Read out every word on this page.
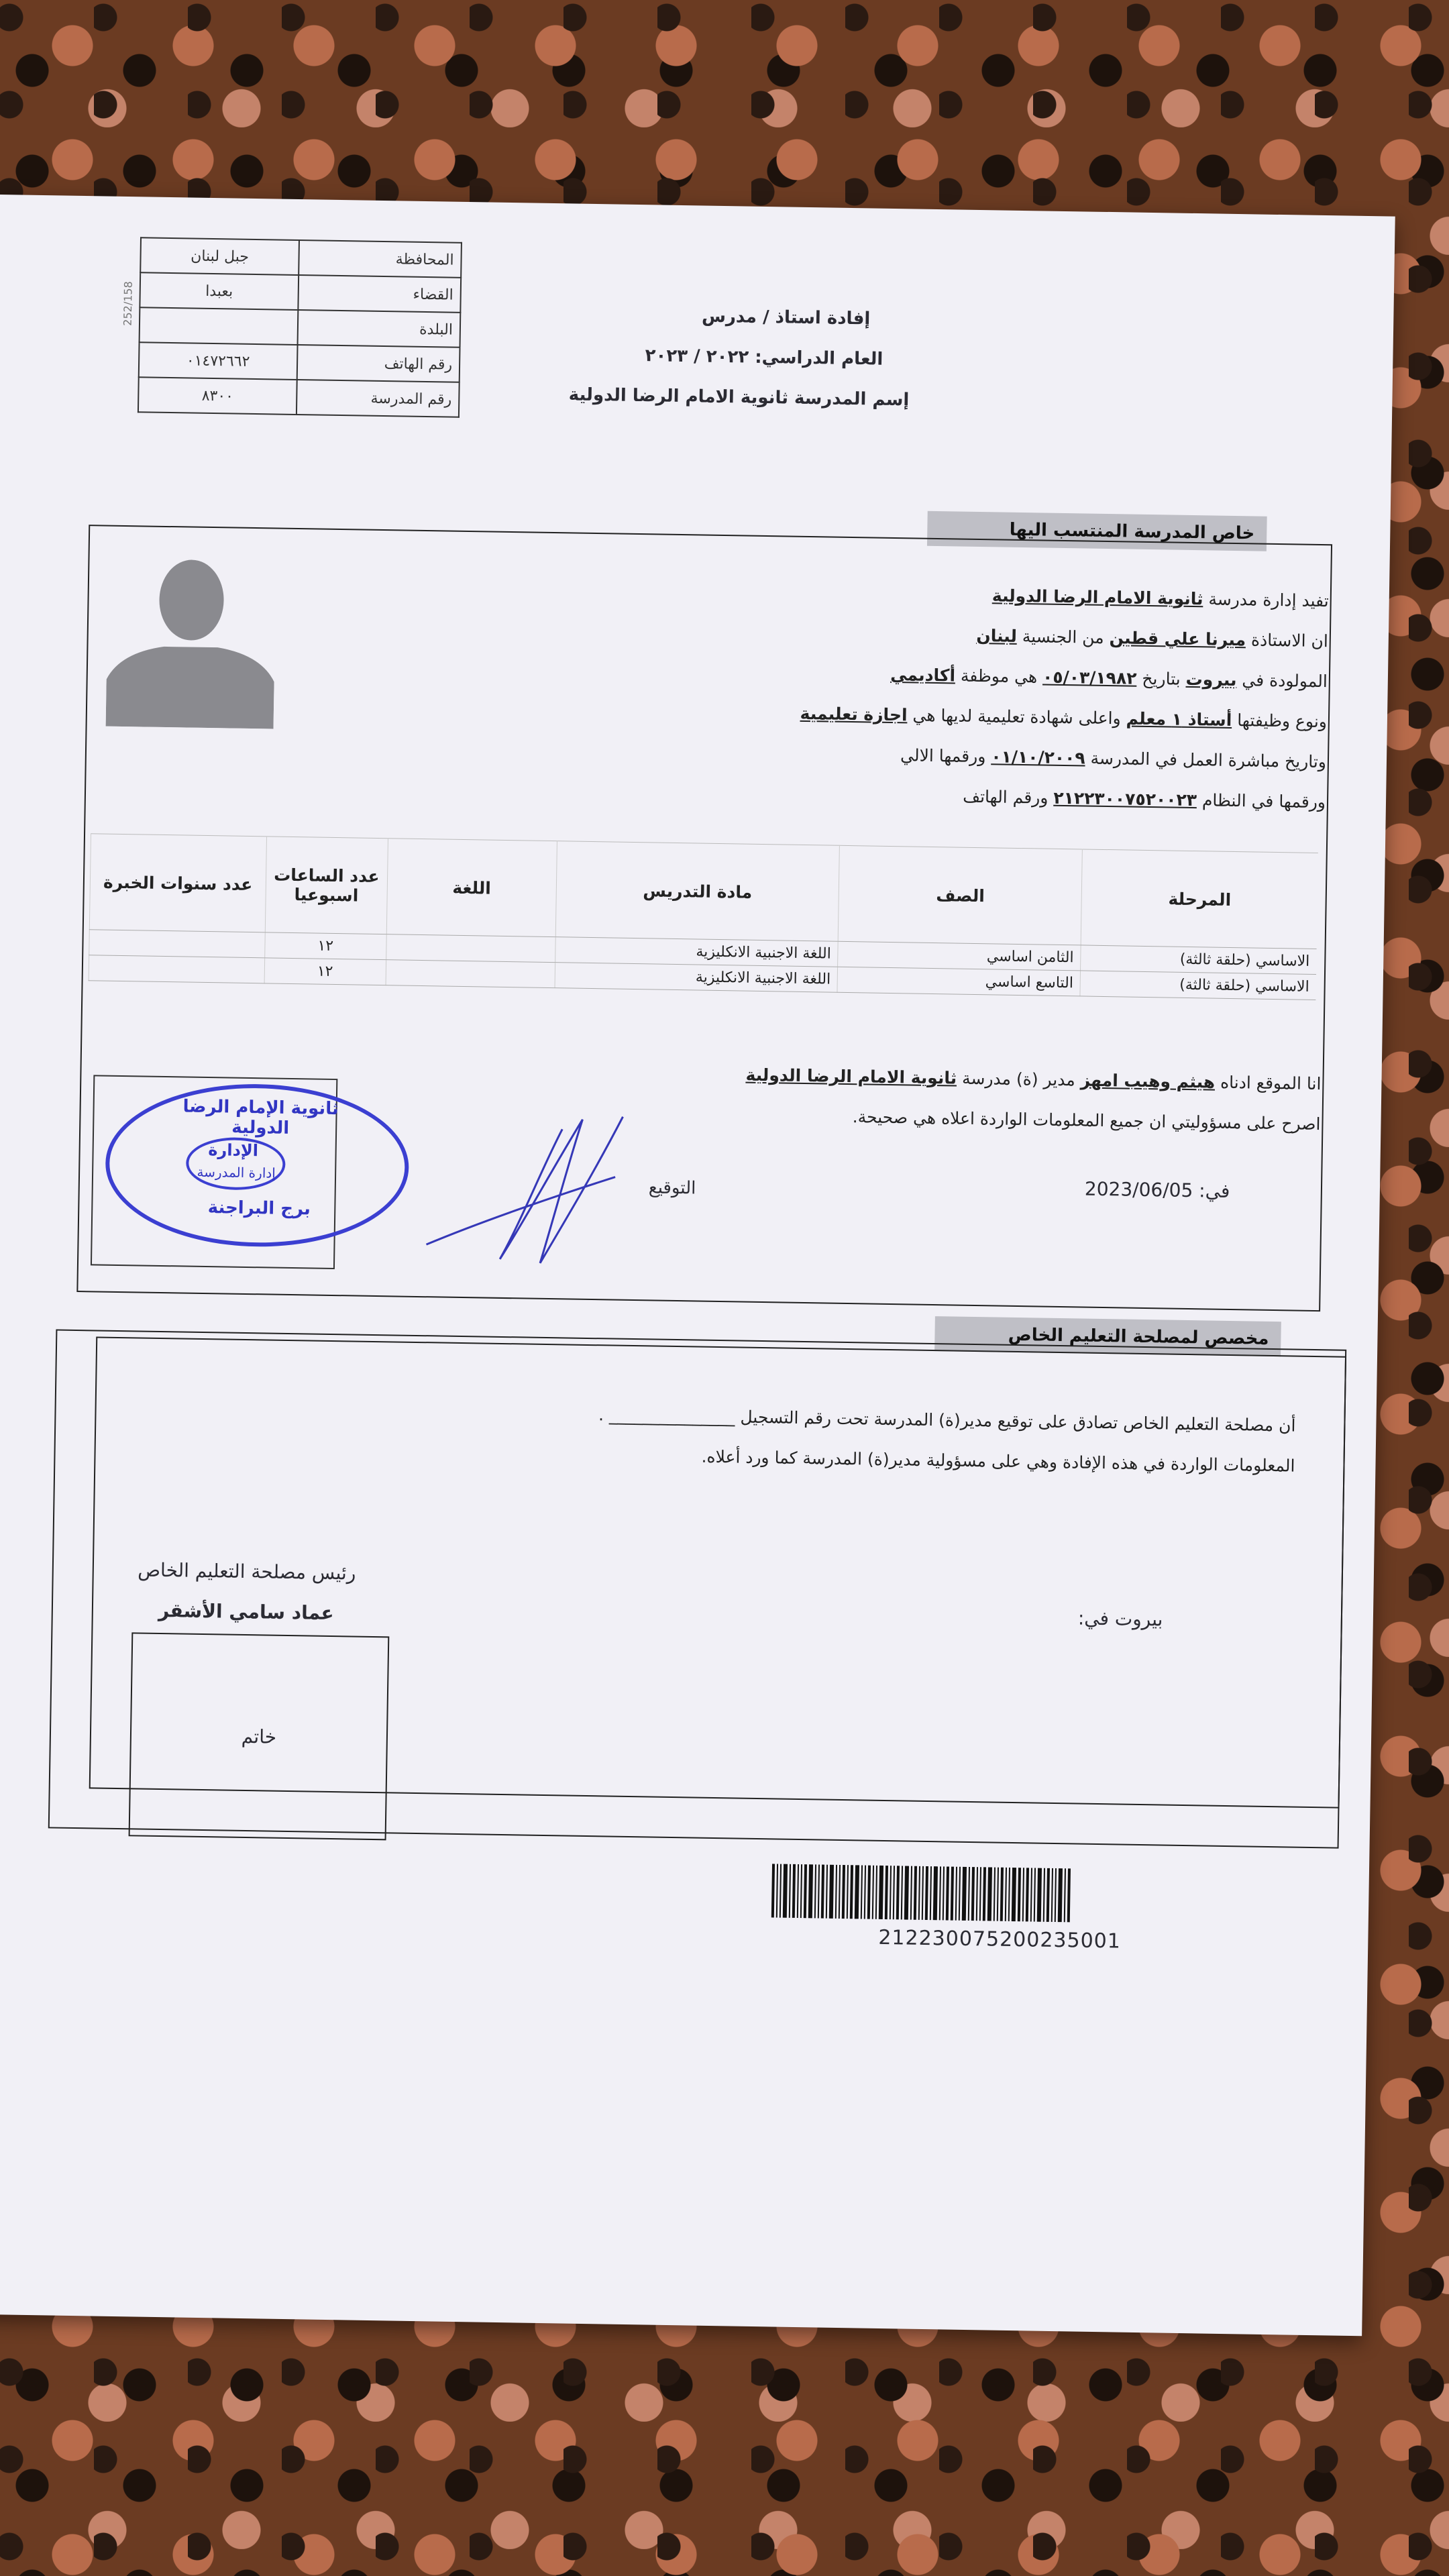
252/158
المحافظة	جبل لبنان
القضاء	بعبدا
البلدة	
رقم الهاتف	٠١٤٧٢٦٦٢
رقم المدرسة	٨٣٠٠
إفادة استاذ / مدرس
العام الدراسي: ٢٠٢٢ / ٢٠٢٣
إسم المدرسة ثانوية الامام الرضا الدولية
خاص المدرسة المنتسب اليها
تفيد إدارة مدرسة ثانوية الامام الرضا الدولية
ان الاستاذة ميرنا علي قطين من الجنسية لبنان
المولودة في بيروت بتاريخ ٠٥/٠٣/١٩٨٢ هي موظفة أكاديمي
ونوع وظيفتها أستاذ ١ معلم واعلى شهادة تعليمية لديها هي اجازة تعليمية
وتاريخ مباشرة العمل في المدرسة ٠١/١٠/٢٠٠٩ ورقمها الالي
ورقمها في النظام ٢١٢٢٣٠٠٧٥٢٠٠٢٣ ورقم الهاتف
المرحلة	الصف	مادة التدريس	اللغة	عدد الساعات اسبوعيا	عدد سنوات الخبرة
الاساسي (حلقة ثالثة)	الثامن اساسي	اللغة الاجنبية الانكليزية		١٢	
الاساسي (حلقة ثالثة)	التاسع اساسي	اللغة الاجنبية الانكليزية		١٢	
انا الموقع ادناه هيثم وهيب امهز مدير (ة) مدرسة ثانوية الامام الرضا الدولية
اصرح على مسؤوليتي ان جميع المعلومات الواردة اعلاه هي صحيحة.
في: 2023/06/05
التوقيع
ثانوية الإمام الرضا الدولية
الإدارة
إدارة المدرسة
برج البراجنة
مخصص لمصلحة التعليم الخاص
أن مصلحة التعليم الخاص تصادق على توقيع مدير(ة) المدرسة تحت رقم التسجيل _______________ .
المعلومات الواردة في هذه الإفادة وهي على مسؤولية مدير(ة) المدرسة كما ورد أعلاه.
رئيس مصلحة التعليم الخاص
عماد سامي الأشقر	بيروت في:
خاتم
212230075200235001
